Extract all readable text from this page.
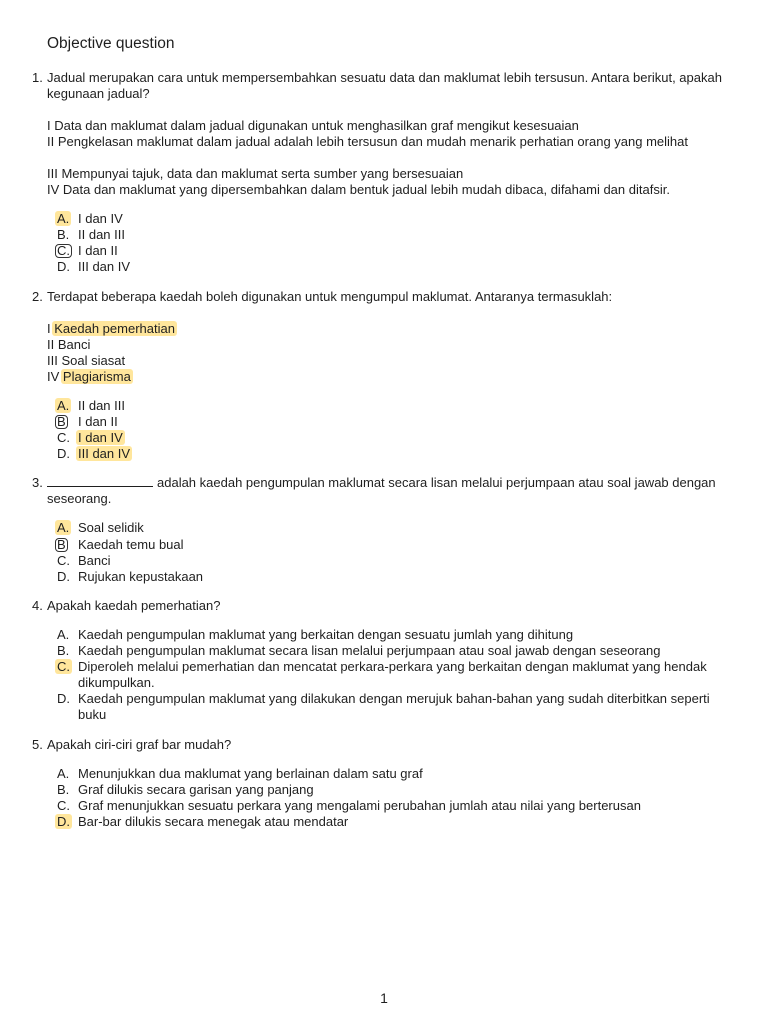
Objective question
1. Jadual merupakan cara untuk mempersembahkan sesuatu data dan maklumat lebih tersusun. Antara berikut, apakah kegunaan jadual?
I Data dan maklumat dalam jadual digunakan untuk menghasilkan graf mengikut kesesuaian
II Pengkelasan maklumat dalam jadual adalah lebih tersusun dan mudah menarik perhatian orang yang melihat
III Mempunyai tajuk, data dan maklumat serta sumber yang bersesuaian
IV Data dan maklumat yang dipersembahkan dalam bentuk jadual lebih mudah dibaca, difahami dan ditafsir.
A. I dan IV
B. II dan III
C. I dan II
D. III dan IV
2. Terdapat beberapa kaedah boleh digunakan untuk mengumpul maklumat. Antaranya termasuklah:
I Kaedah pemerhatian
II Banci
III Soal siasat
IV Plagiarisma
A. II dan III
B I dan II
C. I dan IV
D. III dan IV
3.	adalah kaedah pengumpulan maklumat secara lisan melalui perjumpaan atau soal jawab dengan seseorang.
A. Soal selidik
B Kaedah temu bual
C. Banci
D. Rujukan kepustakaan
4. Apakah kaedah pemerhatian?
A. Kaedah pengumpulan maklumat yang berkaitan dengan sesuatu jumlah yang dihitung
B. Kaedah pengumpulan maklumat secara lisan melalui perjumpaan atau soal jawab dengan seseorang
C. Diperoleh melalui pemerhatian dan mencatat perkara-perkara yang berkaitan dengan maklumat yang hendak dikumpulkan.
D. Kaedah pengumpulan maklumat yang dilakukan dengan merujuk bahan-bahan yang sudah diterbitkan seperti buku
5. Apakah ciri-ciri graf bar mudah?
A. Menunjukkan dua maklumat yang berlainan dalam satu graf
B. Graf dilukis secara garisan yang panjang
C. Graf menunjukkan sesuatu perkara yang mengalami perubahan jumlah atau nilai yang berterusan
D. Bar-bar dilukis secara menegak atau mendatar
1
